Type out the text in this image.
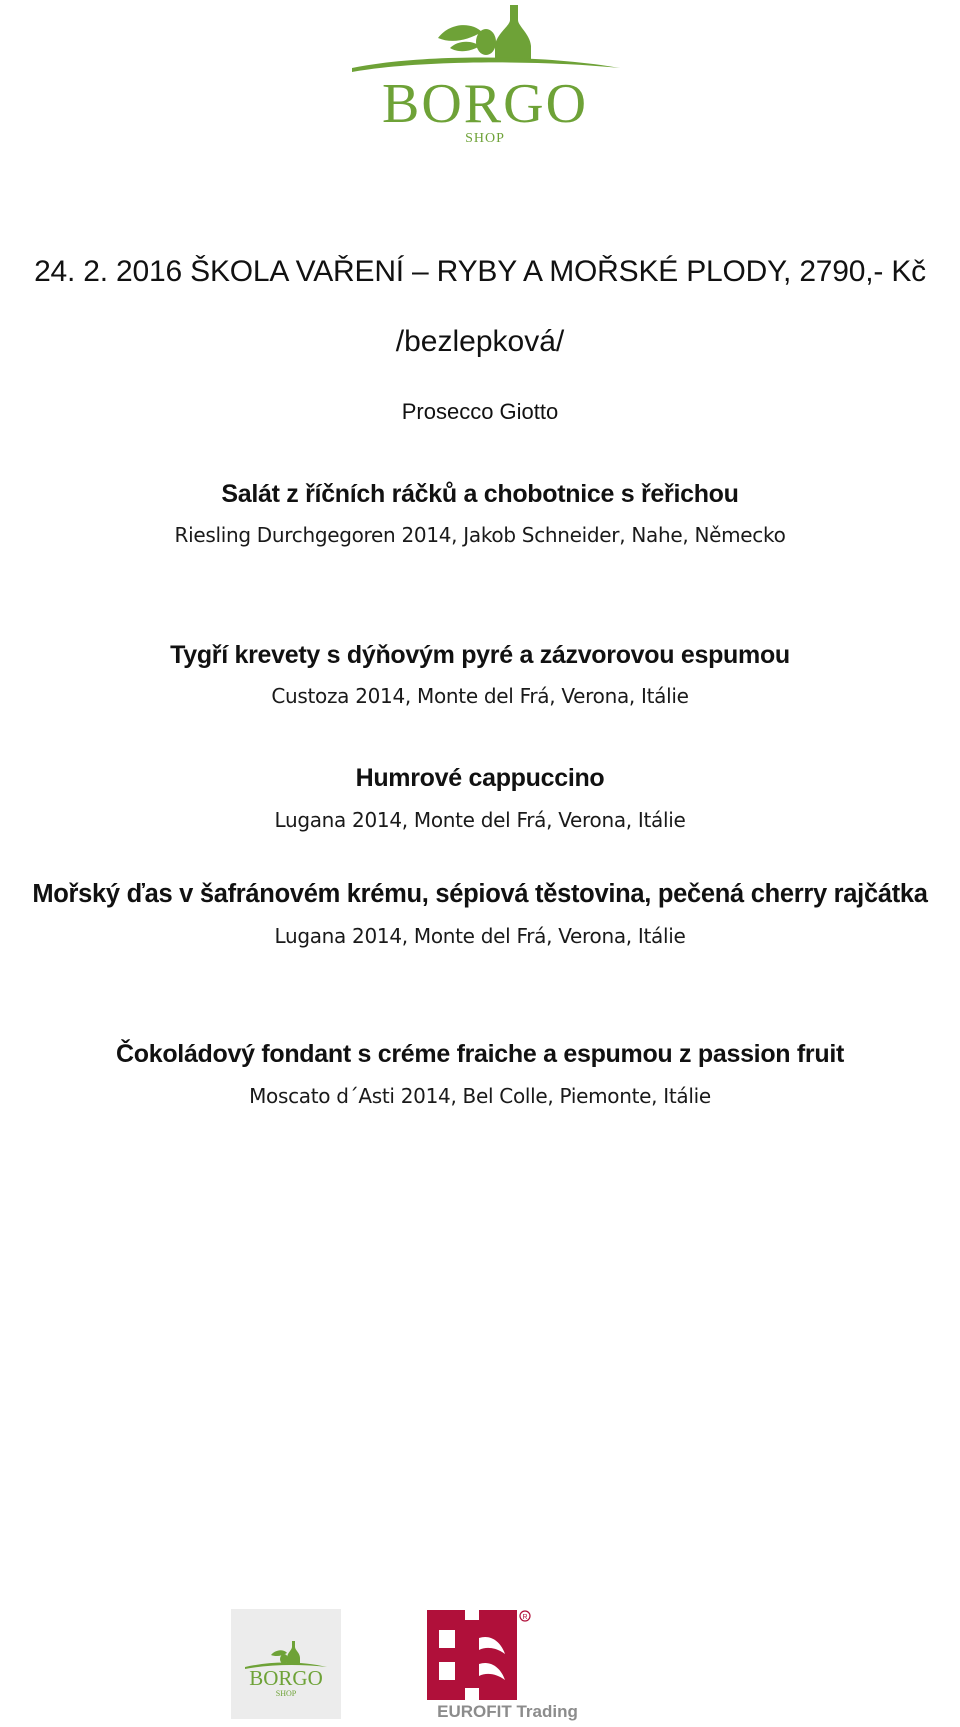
BORGO
SHOP
24. 2. 2016 ŠKOLA VAŘENÍ – RYBY A MOŘSKÉ PLODY, 2790,- Kč
/bezlepková/
Prosecco Giotto
Salát z říčních ráčků a chobotnice s řeřichou
Riesling Durchgegoren 2014, Jakob Schneider, Nahe, Německo
Tygří krevety s dýňovým pyré a zázvorovou espumou
Custoza 2014, Monte del Frá, Verona, Itálie
Humrové cappuccino
Lugana 2014, Monte del Frá, Verona, Itálie
Mořský ďas v šafránovém krému, sépiová těstovina, pečená cherry rajčátka
Lugana 2014, Monte del Frá, Verona, Itálie
Čokoládový fondant s créme fraiche a espumou z passion fruit
Moscato d´Asti 2014, Bel Colle, Piemonte, Itálie
BORGO
SHOP
R
EUROFIT Trading
